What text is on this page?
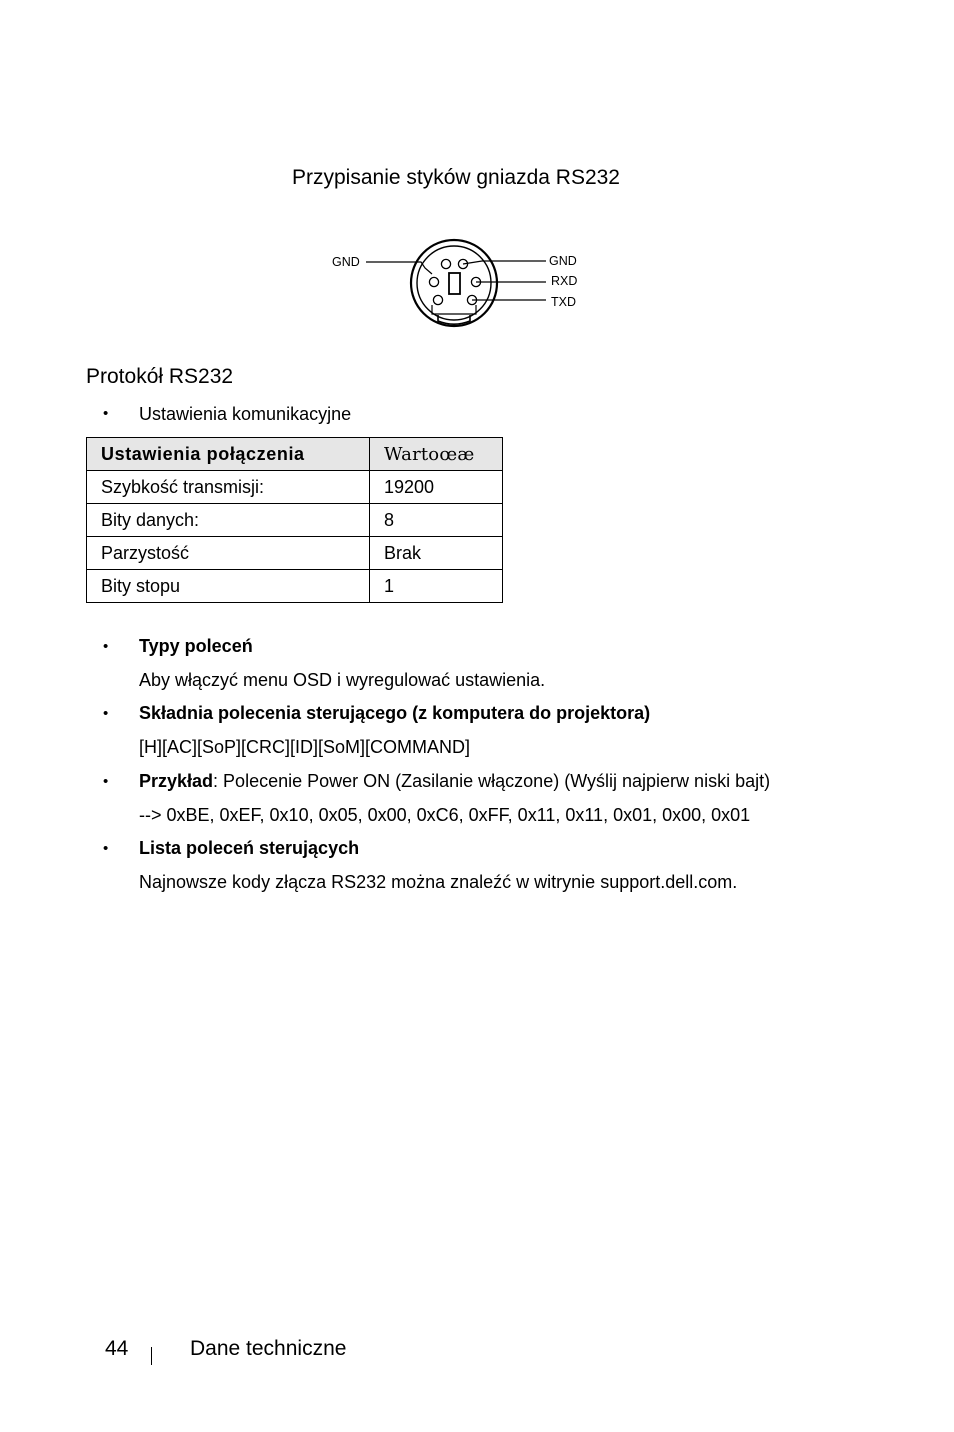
Przypisanie styków gniazda RS232
GND	GND
RXD
TXD
Protokół RS232
• Ustawienia komunikacyjne
Ustawienia połączenia	Wartoœæ
Szybkość transmisji:	19200
Bity danych:	8
Parzystość	Brak
Bity stopu	1
• Typy poleceń
Aby włączyć menu OSD i wyregulować ustawienia.
• Składnia polecenia sterującego (z komputera do projektora)
[H][AC][SoP][CRC][ID][SoM][COMMAND]
• Przykład: Polecenie Power ON (Zasilanie włączone) (Wyślij najpierw niski bajt)
--> 0xBE, 0xEF, 0x10, 0x05, 0x00, 0xC6, 0xFF, 0x11, 0x11, 0x01, 0x00, 0x01
• Lista poleceń sterujących
Najnowsze kody złącza RS232 można znaleźć w witrynie support.dell.com.
44	Dane techniczne
